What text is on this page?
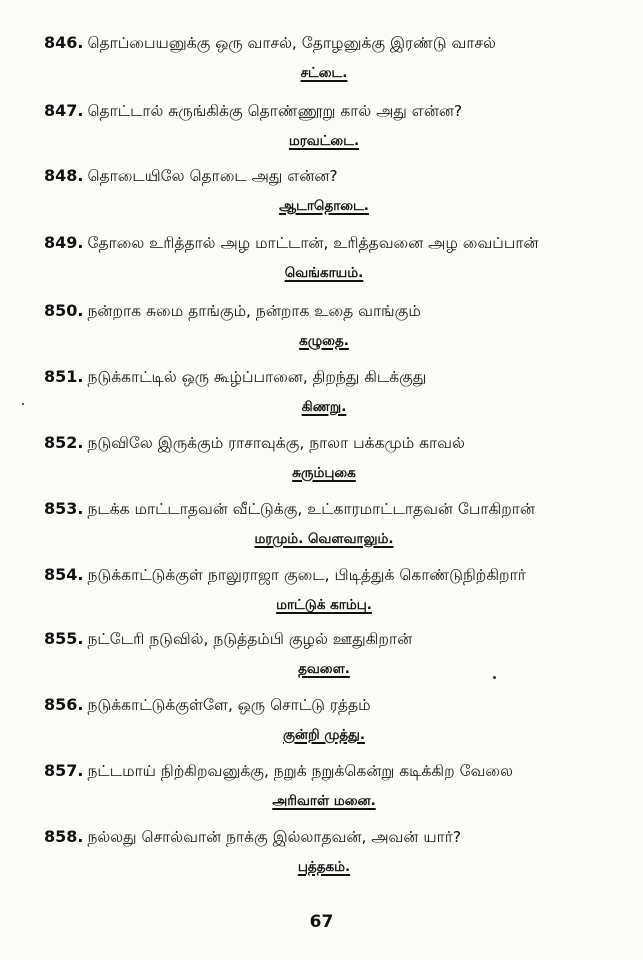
846. தொப்பையனுக்கு ஒரு வாசல், தோழனுக்கு இரண்டு வாசல்
சட்டை.
847. தொட்டால் சுருங்கிக்கு தொண்ணூறு கால் அது என்ன?
மரவட்டை.
848. தொடையிலே தொடை அது என்ன?
ஆடாதொடை.
849. தோலை உரித்தால் அழ மாட்டான், உரித்தவனை அழ வைப்பான்
வெங்காயம்.
850. நன்றாக சுமை தாங்கும், நன்றாக உதை வாங்கும்
கழுதை.
851. நடுக்காட்டில் ஒரு கூழ்ப்பானை, திறந்து கிடக்குது
கிணறு.
852. நடுவிலே இருக்கும் ராசாவுக்கு, நாலா பக்கமும் காவல்
சுரும்புகை
853. நடக்க மாட்டாதவன் வீட்டுக்கு, உட்காரமாட்டாதவன் போகிறான்
மரமும். வௌவாலும்.
854. நடுக்காட்டுக்குள் நாலுராஜா குடை, பிடித்துக் கொண்டுநிற்கிறார்
மாட்டுக் காம்பு.
855. நட்டேரி நடுவில், நடுத்தம்பி குழல் ஊதுகிறான்
தவளை.
856. நடுக்காட்டுக்குள்ளே, ஒரு சொட்டு ரத்தம்
குன்றி முத்து.
857. நட்டமாய் நிற்கிறவனுக்கு, நறுக் நறுக்கென்று கடிக்கிற வேலை
அரிவாள் மனை.
858. நல்லது சொல்வான் நாக்கு இல்லாதவன், அவன் யார்?
புத்தகம்.
67
